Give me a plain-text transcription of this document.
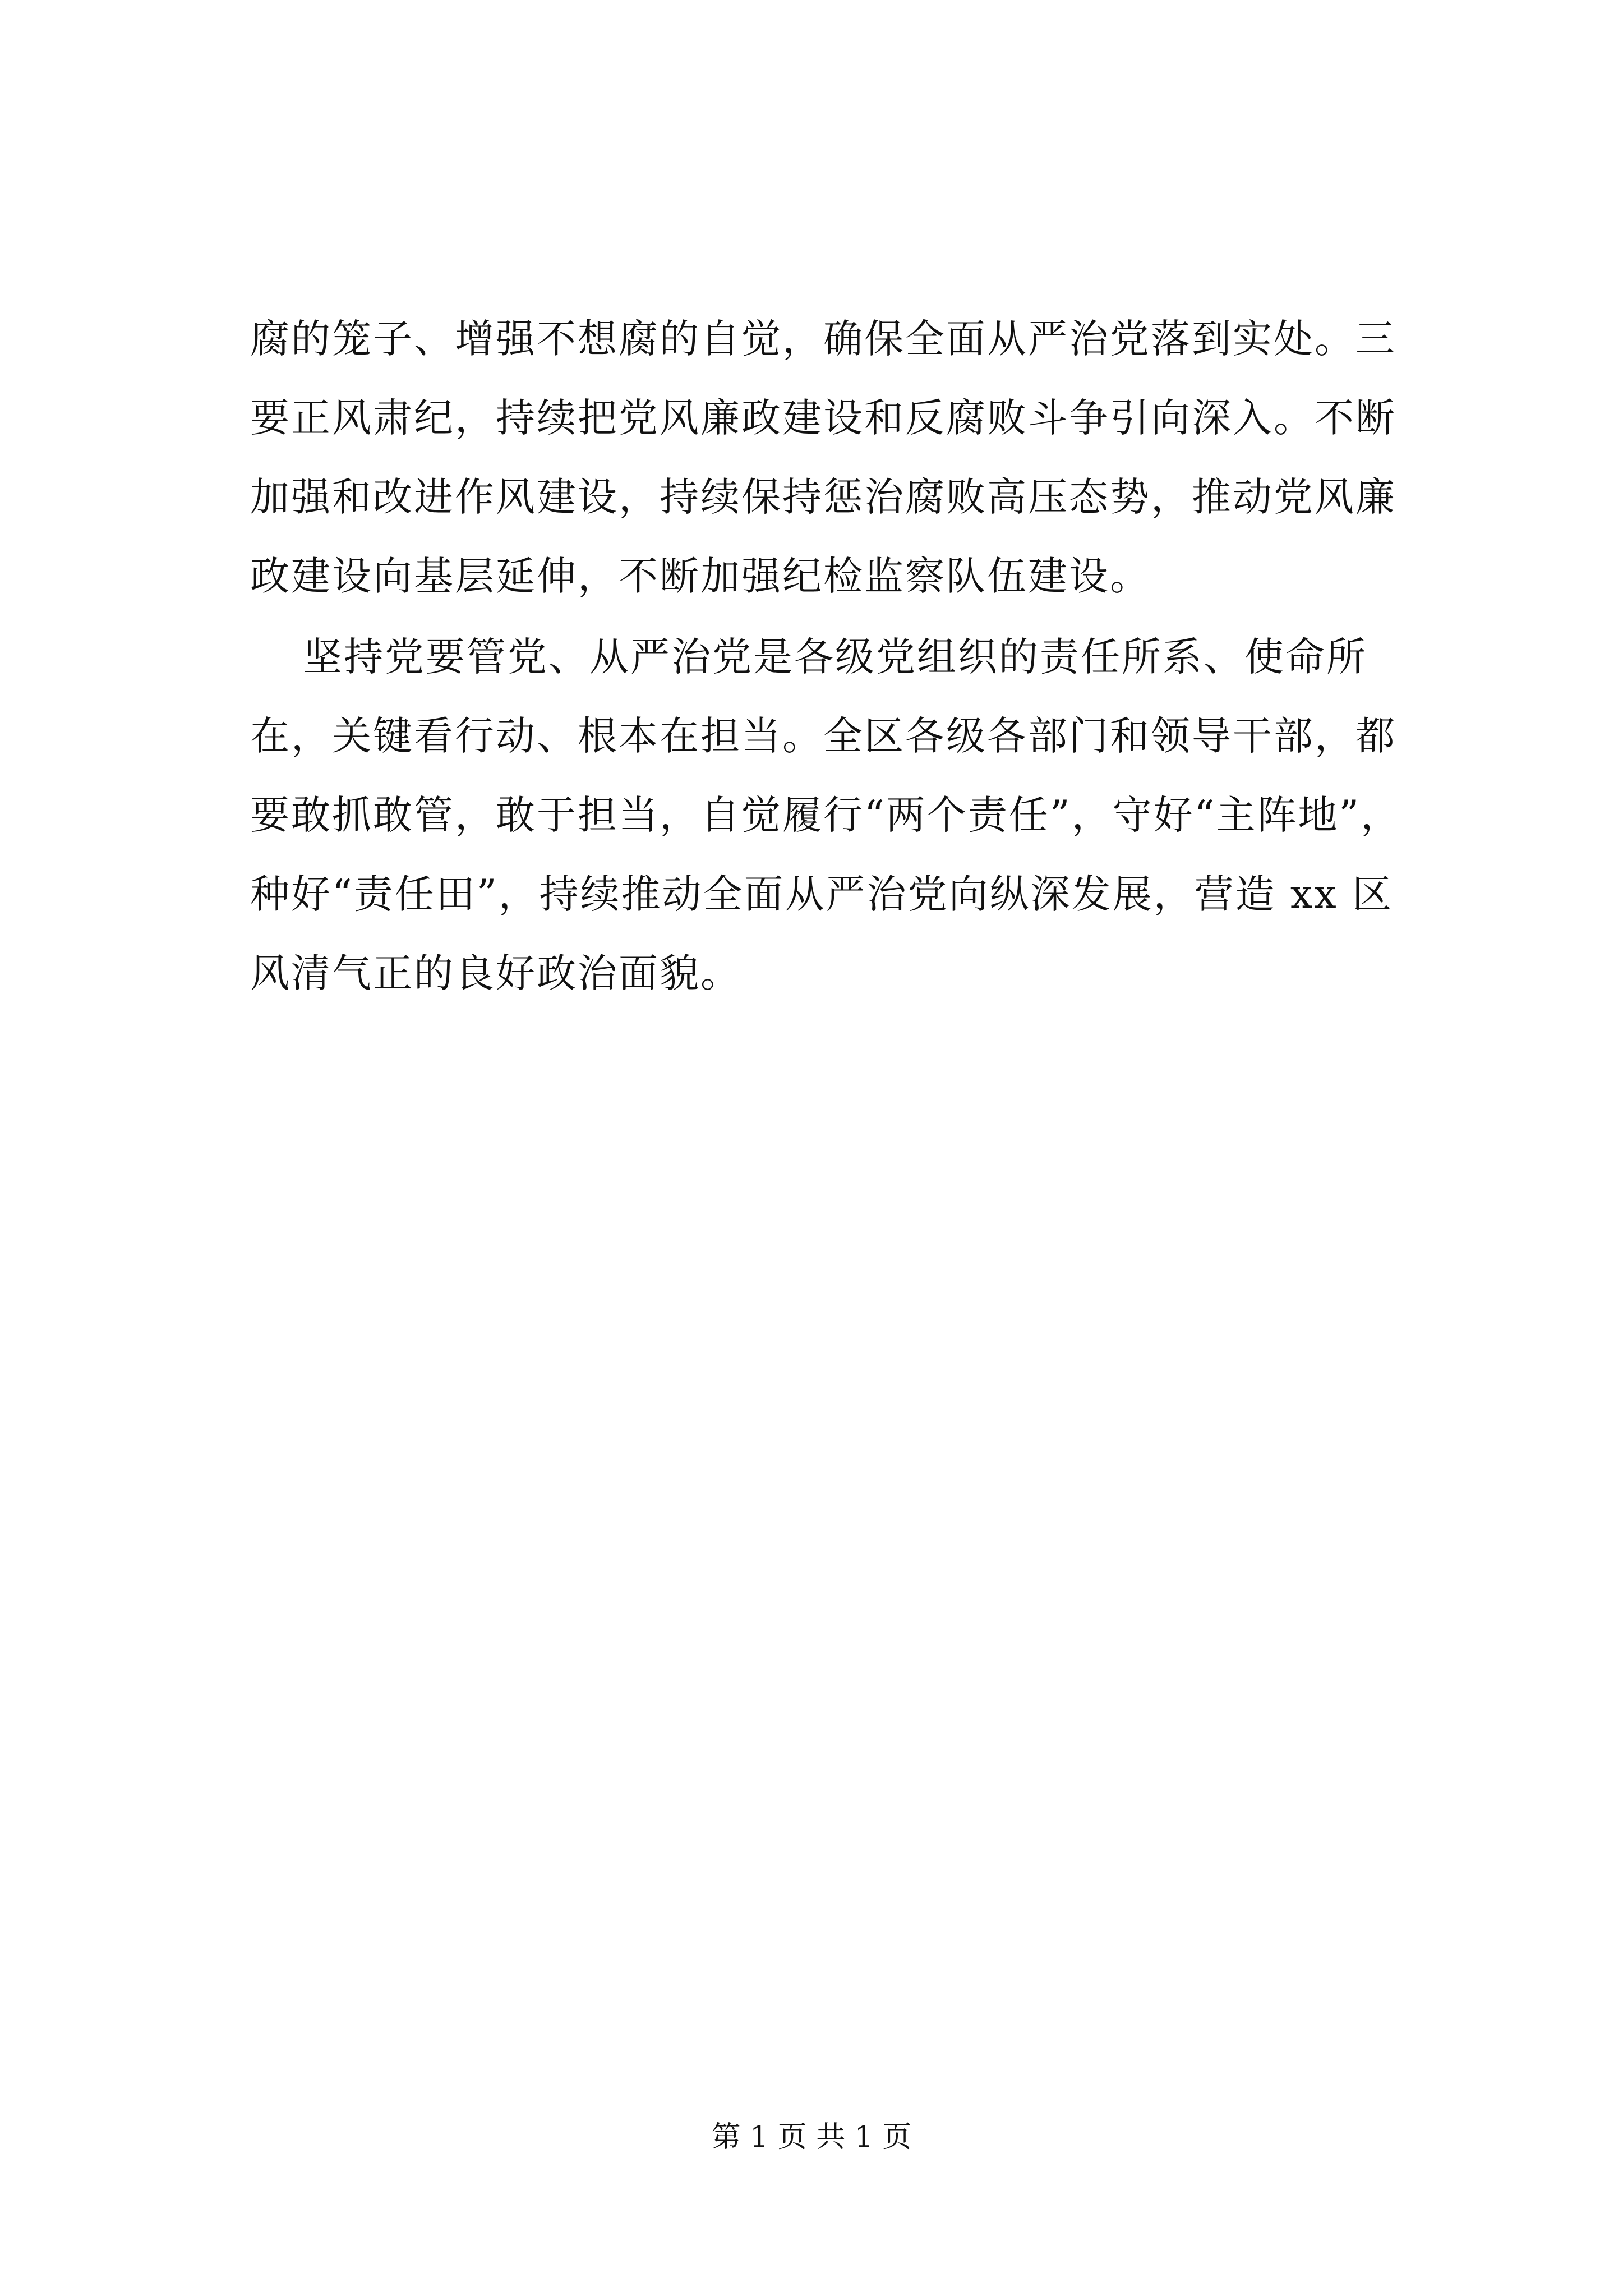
腐的笼子、增强不想腐的自觉，确保全面从严治党落到实处。三
要正风肃纪，持续把党风廉政建设和反腐败斗争引向深入。不断
加强和改进作风建设，持续保持惩治腐败高压态势，推动党风廉
政建设向基层延伸，不断加强纪检监察队伍建设。
坚持党要管党、从严治党是各级党组织的责任所系、使命所
在，关键看行动、根本在担当。全区各级各部门和领导干部，都
要敢抓敢管，敢于担当，自觉履行“两个责任”，守好“主阵地”，
种好“责任田”，持续推动全面从严治党向纵深发展，营造 xx 区
风清气正的良好政治面貌。
第 1 页 共 1 页
